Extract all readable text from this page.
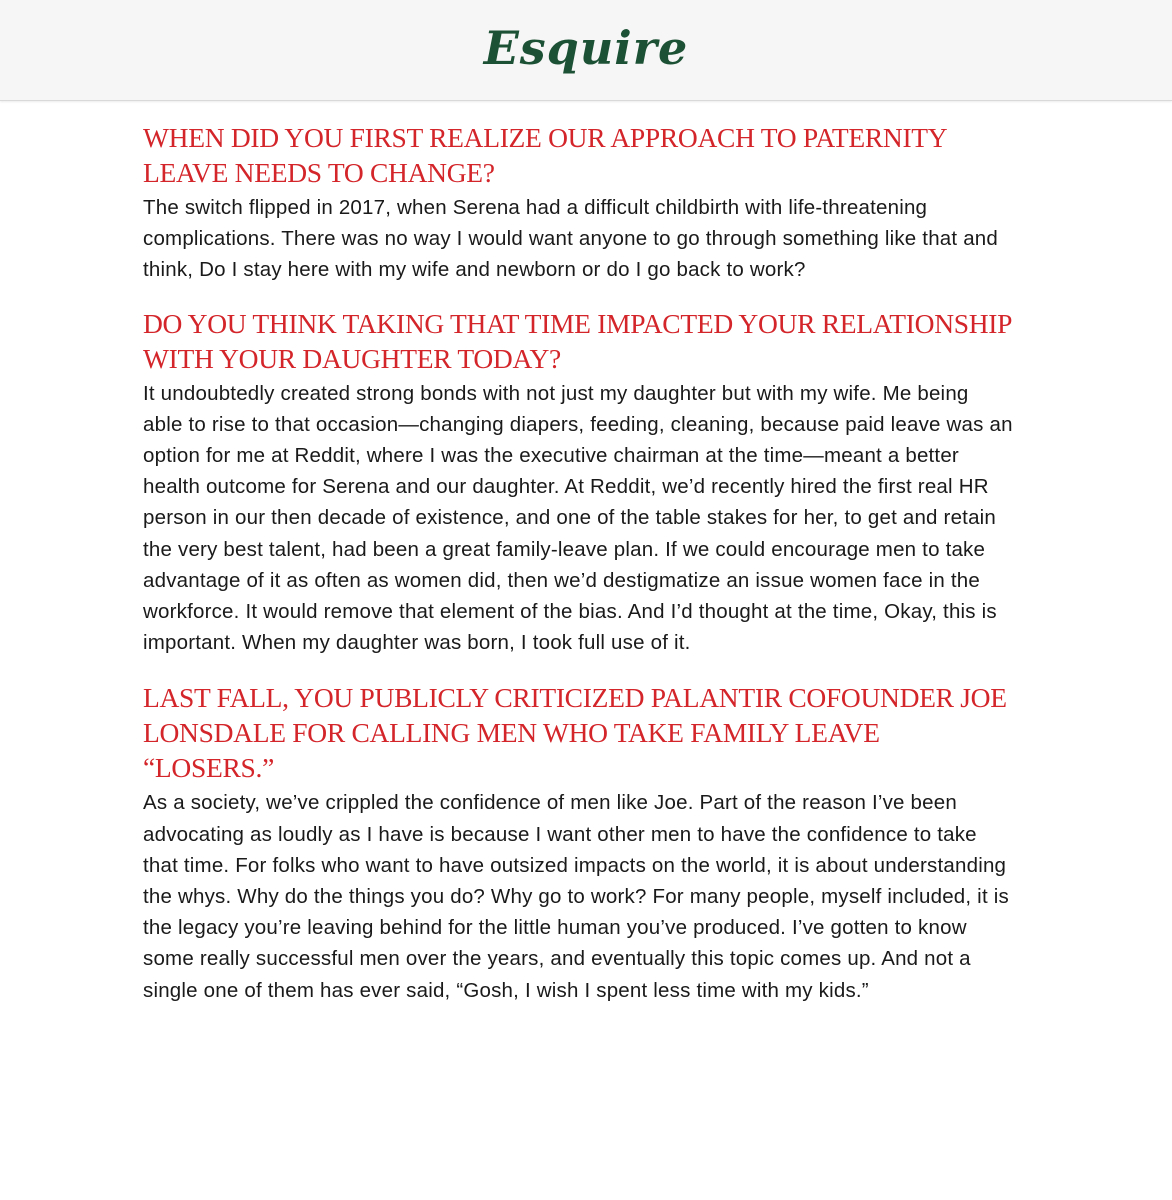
Esquire
WHEN DID YOU FIRST REALIZE OUR APPROACH TO PATERNITY LEAVE NEEDS TO CHANGE?

The switch flipped in 2017, when Serena had a difficult childbirth with life-threatening complications. There was no way I would want anyone to go through something like that and think, Do I stay here with my wife and newborn or do I go back to work?

DO YOU THINK TAKING THAT TIME IMPACTED YOUR RELATIONSHIP WITH YOUR DAUGHTER TODAY?

It undoubtedly created strong bonds with not just my daughter but with my wife. Me being able to rise to that occasion—changing diapers, feeding, cleaning, because paid leave was an option for me at Reddit, where I was the executive chairman at the time—meant a better health outcome for Serena and our daughter. At Reddit, we’d recently hired the first real HR person in our then decade of existence, and one of the table stakes for her, to get and retain the very best talent, had been a great family-leave plan. If we could encourage men to take advantage of it as often as women did, then we’d destigmatize an issue women face in the workforce. It would remove that element of the bias. And I’d thought at the time, Okay, this is important. When my daughter was born, I took full use of it.

LAST FALL, YOU PUBLICLY CRITICIZED PALANTIR COFOUNDER JOE LONSDALE FOR CALLING MEN WHO TAKE FAMILY LEAVE “LOSERS.”

As a society, we’ve crippled the confidence of men like Joe. Part of the reason I’ve been advocating as loudly as I have is because I want other men to have the confidence to take that time. For folks who want to have outsized impacts on the world, it is about understanding the whys. Why do the things you do? Why go to work? For many people, myself included, it is the legacy you’re leaving behind for the little human you’ve produced. I’ve gotten to know some really successful men over the years, and eventually this topic comes up. And not a single one of them has ever said, “Gosh, I wish I spent less time with my kids.”
